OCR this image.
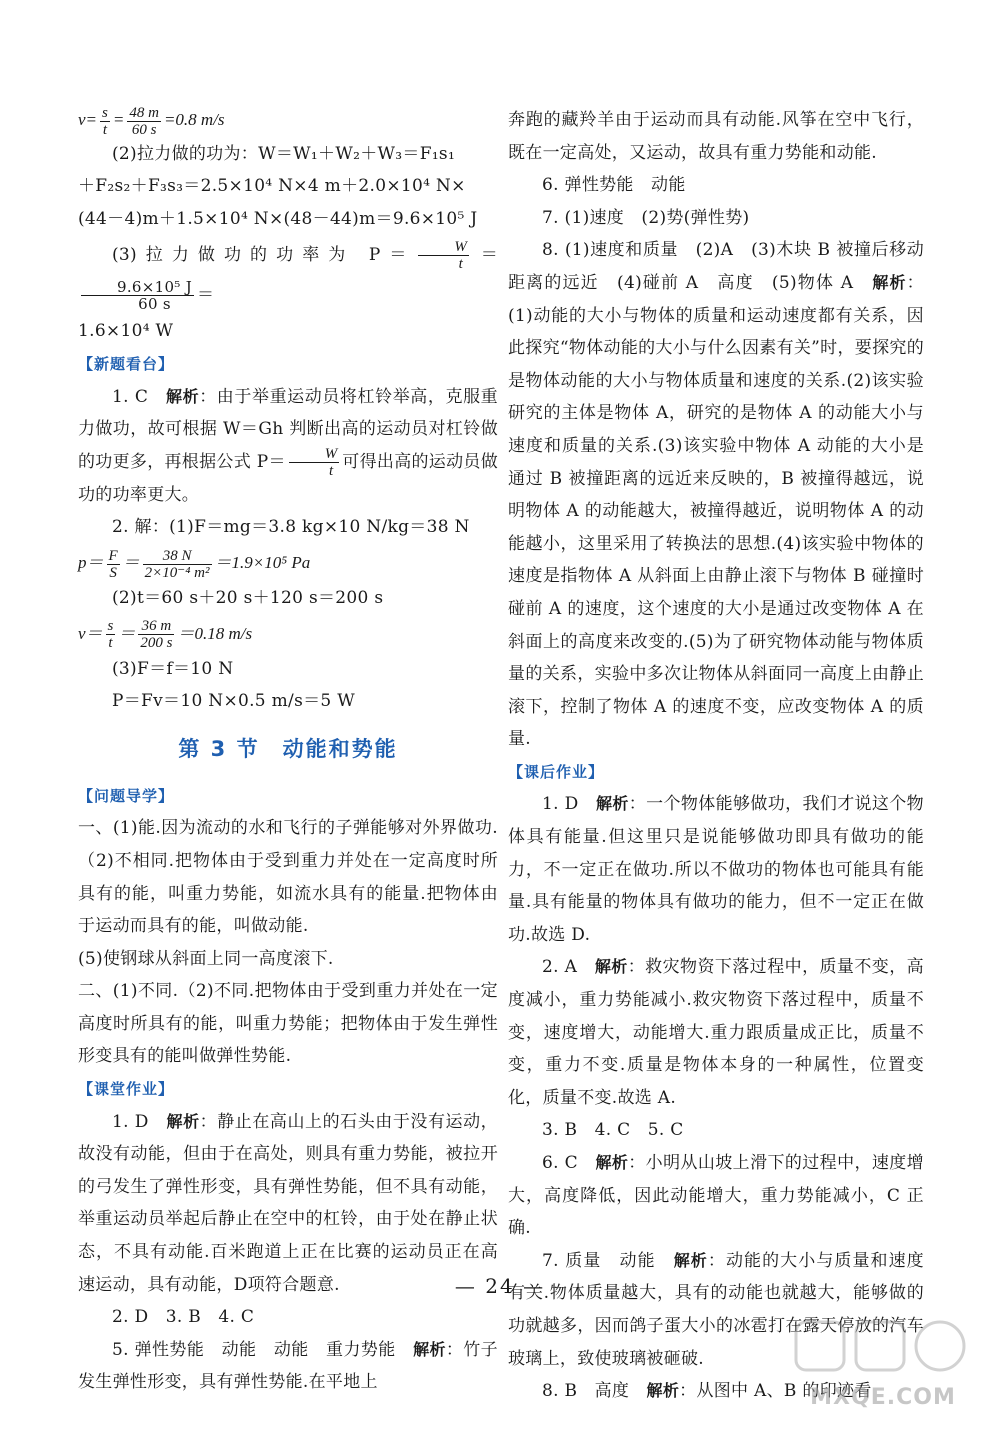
$v= \frac{s}{t} = \frac{48 m}{60 s} =0.8$ m/s

(2)拉力做的功为：W＝W₁＋W₂＋W₃＝F₁s₁

＋F₂s₂＋F₃s₃＝2.5×10⁴ N×4 m＋2.0×10⁴ N×

(44－4)m＋1.5×10⁴ N×(48－44)m＝9.6×10⁵ J

(3)拉力做功的功率为 $P= \frac{W}{t}$ ＝
$\frac{\text{9.6×10⁵ J}}{60 s}$ ＝

1.6×10⁴ W

【新题看台】

1. C　 解析：由于举重运动员将杠铃举高，克服重力做功，故可根据 W＝Gh 判断出高的运动员对杠铃做的功更多，再根据公式 $P= \frac{W}{t}$ 可得出高的运动员做功的功率更大。

2. 解：(1)F＝mg＝3.8 kg×10 N/kg＝38 N

$p= \frac{F}{S} = \frac{38 N}{\text{2×10⁻⁴ m²}} =1.9\times 10^5$ Pa

(2)t＝60 s＋20 s＋120 s＝200 s

$v= \frac{s}{t} = \frac{36 m}{200 s} =0.18$ m/s

(3)F＝f＝10 N

P＝Fv＝10 N×0.5 m/s＝5 W

第 3 节　动能和势能
【问题导学】

一、(1)能.因为流动的水和飞行的子弹能够对外界做功.（2)不相同.把物体由于受到重力并处在一定高度时所具有的能，叫重力势能，如流水具有的能量.把物体由于运动而具有的能，叫做动能.

(5)使钢球从斜面上同一高度滚下.

二、(1)不同.（2)不同.把物体由于受到重力并处在一定高度时所具有的能，叫重力势能；把物体由于发生弹性形变具有的能叫做弹性势能.

【课堂作业】

1. D　 解析：静止在高山上的石头由于没有运动，故没有动能，但由于在高处，则具有重力势能，被拉开的弓发生了弹性形变，具有弹性势能，但不具有动能，举重运动员举起后静止在空中的杠铃，由于处在静止状态，不具有动能.百米跑道上正在比赛的运动员正在高速运动，具有动能，D项符合题意.

2. D　3. B　4. C

5. 弹性势能　动能　动能　重力势能　 解析：竹子发生弹性形变，具有弹性势能.在平地上

奔跑的藏羚羊由于运动而具有动能.风筝在空中飞行，既在一定高处，又运动，故具有重力势能和动能.

6. 弹性势能　动能

7. (1)速度　(2)势(弹性势)

8. (1)速度和质量　(2)A　(3)木块 B 被撞后移动距离的远近　(4)碰前 A　高度　(5)物体 A　 解析：(1)动能的大小与物体的质量和运动速度都有关系，因此探究“物体动能的大小与什么因素有关”时，要探究的是物体动能的大小与物体质量和速度的关系.(2)该实验研究的主体是物体 A，研究的是物体 A 的动能大小与速度和质量的关系.(3)该实验中物体 A 动能的大小是通过 B 被撞距离的远近来反映的，B 被撞得越远，说明物体 A 的动能越大，被撞得越近，说明物体 A 的动能越小，这里采用了转换法的思想.(4)该实验中物体的速度是指物体 A 从斜面上由静止滚下与物体 B 碰撞时碰前 A 的速度，这个速度的大小是通过改变物体 A 在斜面上的高度来改变的.(5)为了研究物体动能与物体质量的关系，实验中多次让物体从斜面同一高度上由静止滚下，控制了物体 A 的速度不变，应改变物体 A 的质量.

【课后作业】

1. D　 解析：一个物体能够做功，我们才说这个物体具有能量.但这里只是说能够做功即具有做功的能力，不一定正在做功.所以不做功的物体也可能具有能量.具有能量的物体具有做功的能力，但不一定正在做功.故选 D.

2. A　 解析：救灾物资下落过程中，质量不变，高度减小，重力势能减小.救灾物资下落过程中，质量不变，速度增大，动能增大.重力跟质量成正比，质量不变，重力不变.质量是物体本身的一种属性，位置变化，质量不变.故选 A.

3. B　4. C　5. C

6. C　 解析：小明从山坡上滑下的过程中，速度增大，高度降低，因此动能增大，重力势能减小，C 正确.

7. 质量　动能　 解析：动能的大小与质量和速度有关.物体质量越大，具有的动能也就越大，能够做的功就越多，因而鸽子蛋大小的冰雹打在露天停放的汽车玻璃上，致使玻璃被砸破.

8. B　高度　 解析：从图中 A、B 的印迹看

— 24 —
MXQE.COM
